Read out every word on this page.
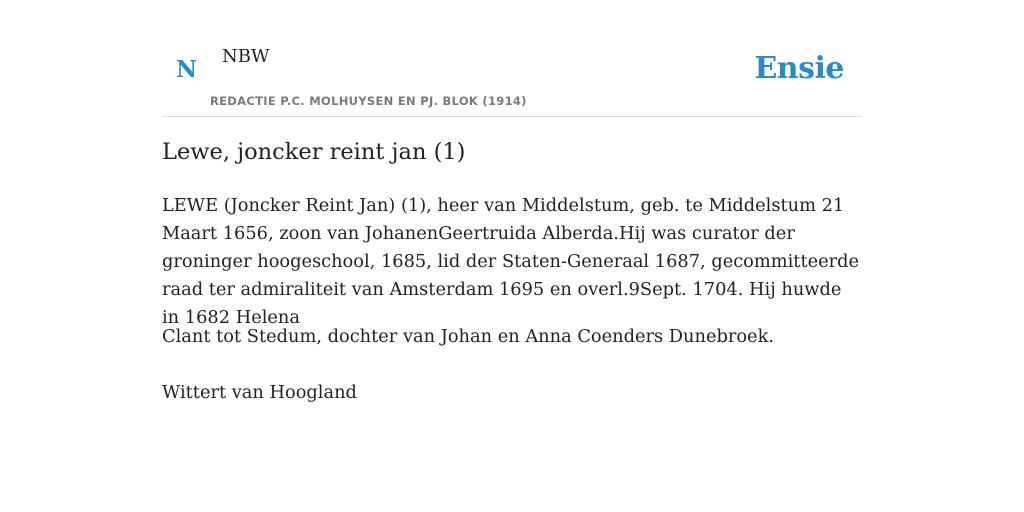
N NBW
REDACTIE P.C. MOLHUYSEN EN PJ. BLOK (1914)
Ensie
Lewe, joncker reint jan (1)

LEWE (Joncker Reint Jan) (1), heer van Middelstum, geb. te Middelstum 21 Maart 1656, zoon van JohanenGeertruida Alberda.Hij was curator der groninger hoogeschool, 1685, lid der Staten-Generaal 1687, gecommitteerde raad ter admiraliteit van Amsterdam 1695 en overl.9Sept. 1704. Hij huwde in 1682 Helena

Clant tot Stedum, dochter van Johan en Anna Coenders Dunebroek.

Wittert van Hoogland
